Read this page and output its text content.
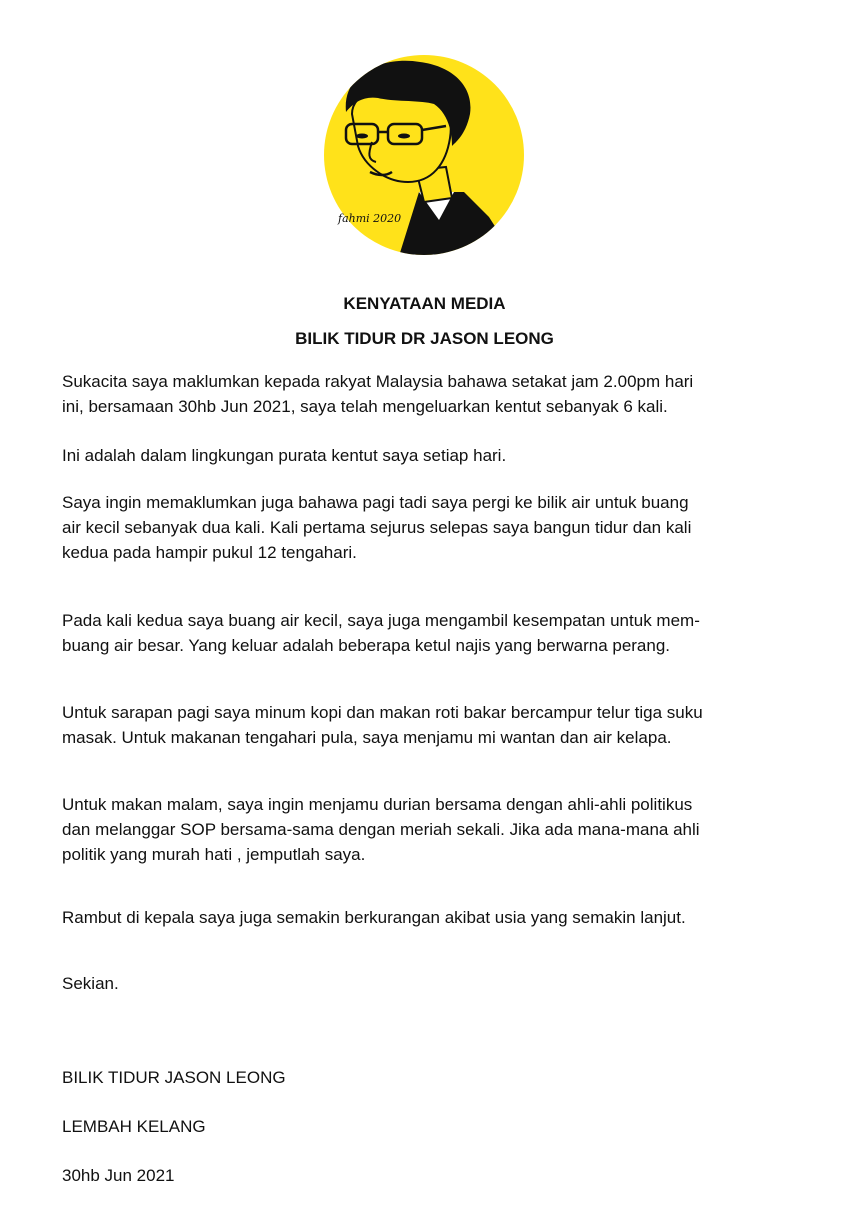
fahmi 2020

KENYATAAN MEDIA

BILIK TIDUR DR JASON LEONG

Sukacita saya maklumkan kepada rakyat Malaysia bahawa setakat jam 2.00pm hari
ini, bersamaan 30hb Jun 2021, saya telah mengeluarkan kentut sebanyak 6 kali.

Ini adalah dalam lingkungan purata kentut saya setiap hari.

Saya ingin memaklumkan juga bahawa pagi tadi saya pergi ke bilik air untuk buang
air kecil sebanyak dua kali. Kali pertama sejurus selepas saya bangun tidur dan kali
kedua pada hampir pukul 12 tengahari.

Pada kali kedua saya buang air kecil, saya juga mengambil kesempatan untuk mem-
buang air besar. Yang keluar adalah beberapa ketul najis yang berwarna perang.

Untuk sarapan pagi saya minum kopi dan makan roti bakar bercampur telur tiga suku
masak. Untuk makanan tengahari pula, saya menjamu mi wantan dan air kelapa.

Untuk makan malam, saya ingin menjamu durian bersama dengan ahli-ahli politikus
dan melanggar SOP bersama-sama dengan meriah sekali. Jika ada mana-mana ahli
politik yang murah hati , jemputlah saya.

Rambut di kepala saya juga semakin berkurangan akibat usia yang semakin lanjut.

Sekian.

BILIK TIDUR JASON LEONG

LEMBAH KELANG

30hb Jun 2021
